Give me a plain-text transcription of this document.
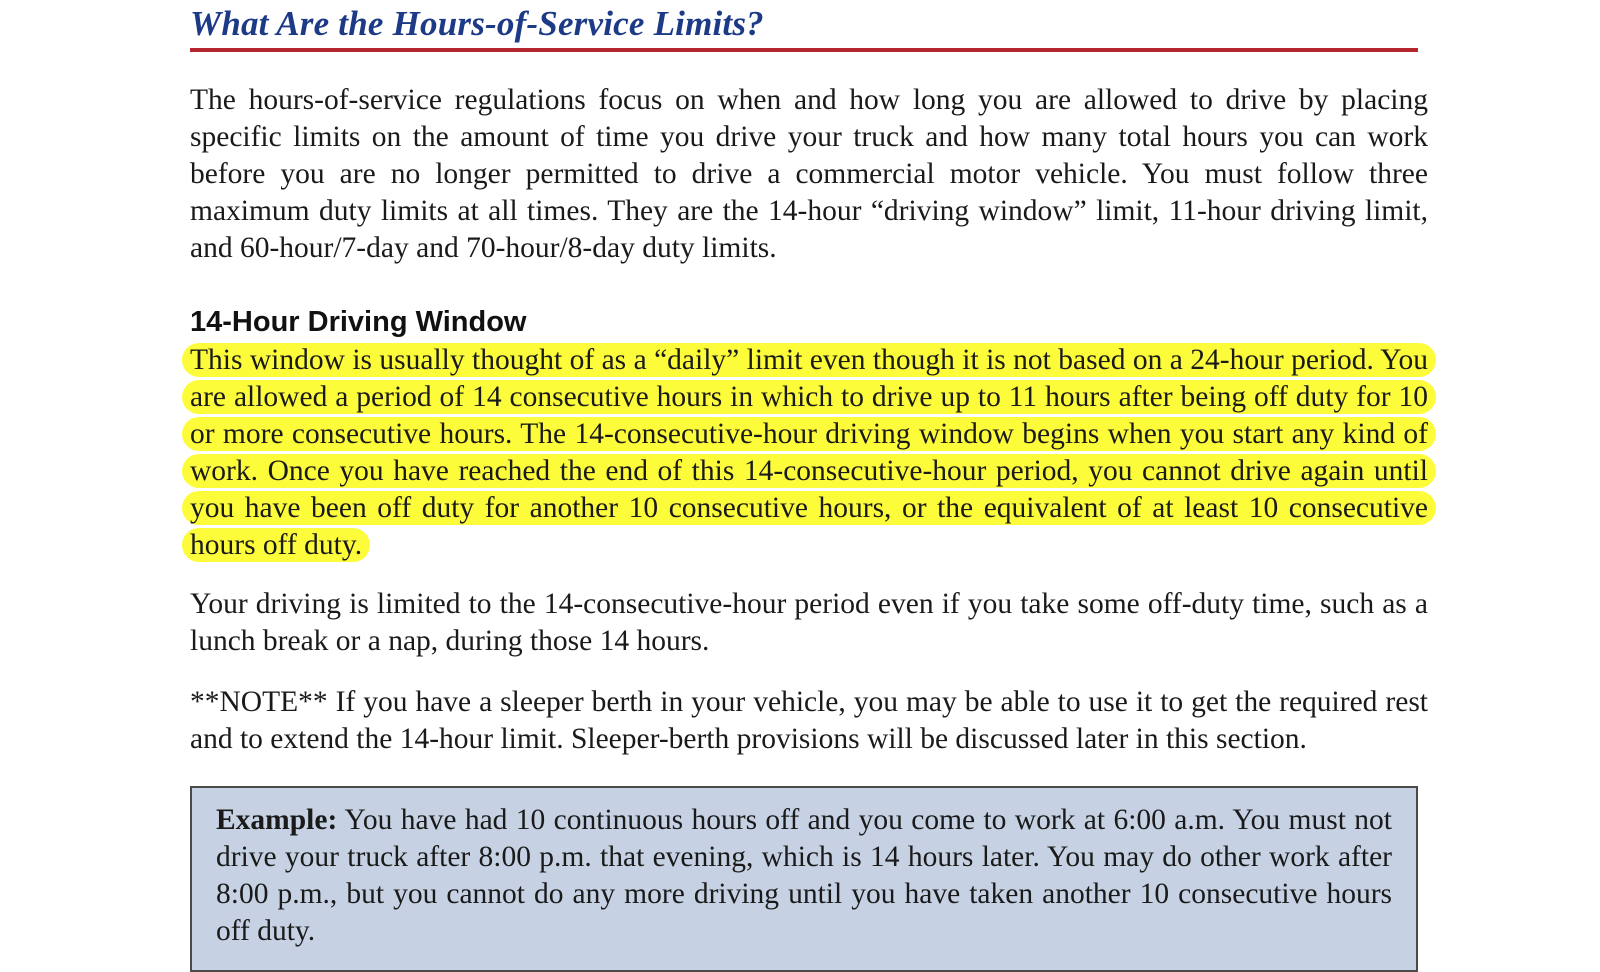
What Are the Hours-of-Service Limits?

The hours-of-service regulations focus on when and how long you are allowed to drive by placing specific limits on the amount of time you drive your truck and how many total hours you can work before you are no longer permitted to drive a commercial motor vehicle. You must follow three maximum duty limits at all times. They are the 14-hour “driving window” limit, 11-hour driving limit, and 60-hour/7-day and 70-hour/8-day duty limits.

14-Hour Driving Window

This window is usually thought of as a “daily” limit even though it is not based on a 24-hour period. You are allowed a period of 14 consecutive hours in which to drive up to 11 hours after being off duty for 10 or more consecutive hours. The 14-consecutive-hour driving window begins when you start any kind of work. Once you have reached the end of this 14-consecutive-hour period, you cannot drive again until you have been off duty for another 10 consecutive hours, or the equivalent of at least 10 consecutive hours off duty.

Your driving is limited to the 14-consecutive-hour period even if you take some off-duty time, such as a lunch break or a nap, during those 14 hours.

**NOTE** If you have a sleeper berth in your vehicle, you may be able to use it to get the required rest and to extend the 14-hour limit. Sleeper-berth provisions will be discussed later in this section.

Example: You have had 10 continuous hours off and you come to work at 6:00 a.m. You must not drive your truck after 8:00 p.m. that evening, which is 14 hours later. You may do other work after 8:00 p.m., but you cannot do any more driving until you have taken another 10 consecutive hours off duty.
